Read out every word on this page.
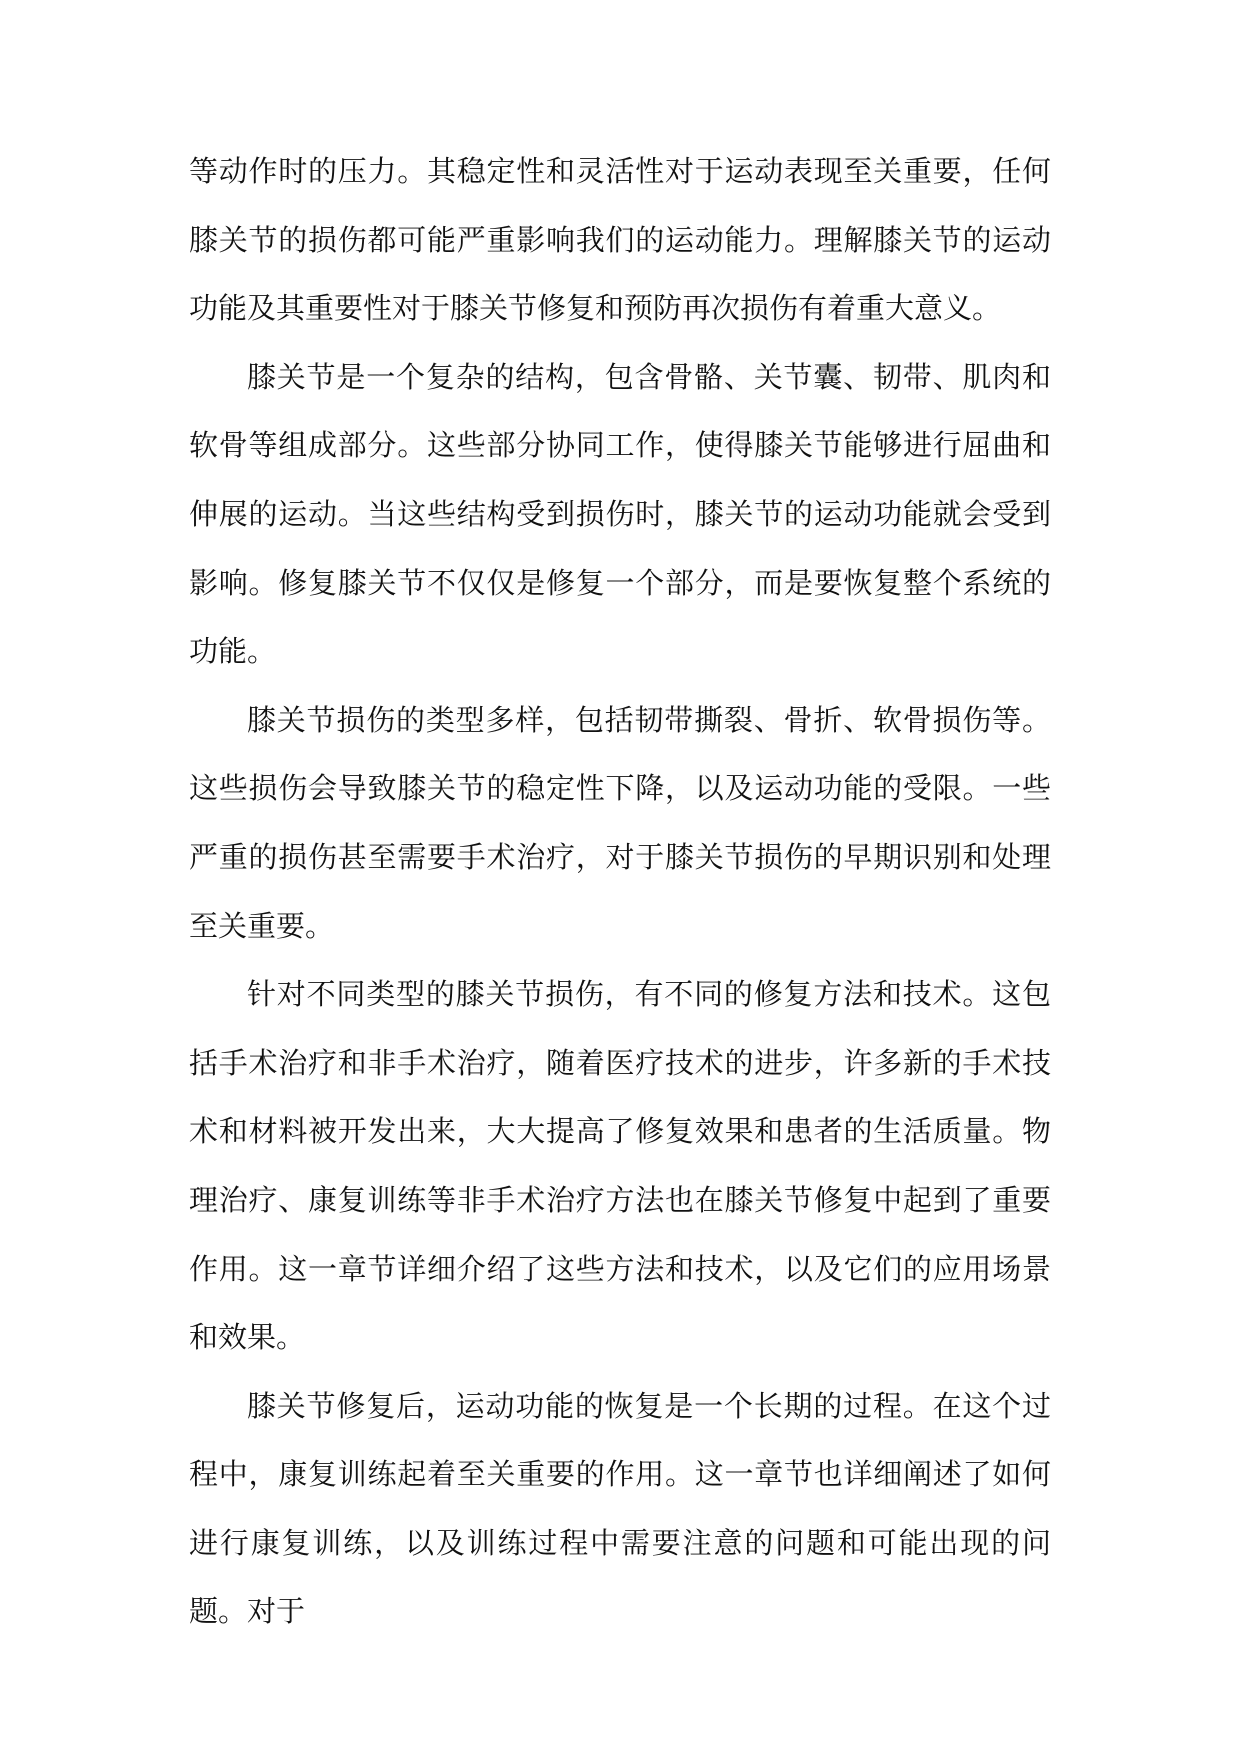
等动作时的压力。其稳定性和灵活性对于运动表现至关重要，任何膝关节的损伤都可能严重影响我们的运动能力。理解膝关节的运动功能及其重要性对于膝关节修复和预防再次损伤有着重大意义。

膝关节是一个复杂的结构，包含骨骼、关节囊、韧带、肌肉和软骨等组成部分。这些部分协同工作，使得膝关节能够进行屈曲和伸展的运动。当这些结构受到损伤时，膝关节的运动功能就会受到影响。修复膝关节不仅仅是修复一个部分，而是要恢复整个系统的功能。

膝关节损伤的类型多样，包括韧带撕裂、骨折、软骨损伤等。这些损伤会导致膝关节的稳定性下降，以及运动功能的受限。一些严重的损伤甚至需要手术治疗，对于膝关节损伤的早期识别和处理至关重要。

针对不同类型的膝关节损伤，有不同的修复方法和技术。这包括手术治疗和非手术治疗，随着医疗技术的进步，许多新的手术技术和材料被开发出来，大大提高了修复效果和患者的生活质量。物理治疗、康复训练等非手术治疗方法也在膝关节修复中起到了重要作用。这一章节详细介绍了这些方法和技术，以及它们的应用场景和效果。

膝关节修复后，运动功能的恢复是一个长期的过程。在这个过程中，康复训练起着至关重要的作用。这一章节也详细阐述了如何进行康复训练，以及训练过程中需要注意的问题和可能出现的问题。对于
